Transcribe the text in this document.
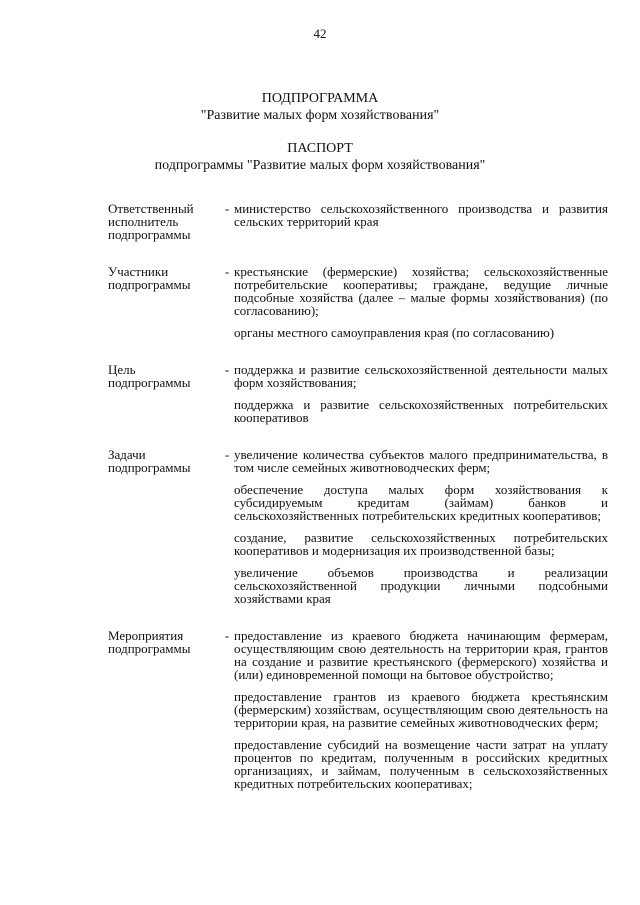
42
ПОДПРОГРАММА
"Развитие малых форм хозяйствования"
ПАСПОРТ
подпрограммы "Развитие малых форм хозяйствования"
Ответственный исполнитель подпрограммы
- министерство сельскохозяйственного производства и развития сельских территорий края

Участники подпрограммы
- крестьянские (фермерские) хозяйства; сельскохозяйственные потребительские кооперативы; граждане, ведущие личные подсобные хозяйства (далее – малые формы хозяйствования) (по согласованию);

органы местного самоуправления края (по согласованию)

Цель подпрограммы
- поддержка и развитие сельскохозяйственной деятельности малых форм хозяйствования;

поддержка и развитие сельскохозяйственных потребительских кооперативов

Задачи подпрограммы
- увеличение количества субъектов малого предпринимательства, в том числе семейных животноводческих ферм;

обеспечение доступа малых форм хозяйствования к субсидируемым кредитам (займам) банков и сельскохозяйственных потребительских кредитных кооперативов;

создание, развитие сельскохозяйственных потребительских кооперативов и модернизация их производственной базы;

увеличение объемов производства и реализации сельскохозяйственной продукции личными подсобными хозяйствами края

Мероприятия подпрограммы
- предоставление из краевого бюджета начинающим фермерам, осуществляющим свою деятельность на территории края, грантов на создание и развитие крестьянского (фермерского) хозяйства и (или) единовременной помощи на бытовое обустройство;

предоставление грантов из краевого бюджета крестьянским (фермерским) хозяйствам, осуществляющим свою деятельность на территории края, на развитие семейных животноводческих ферм;

предоставление субсидий на возмещение части затрат на уплату процентов по кредитам, полученным в российских кредитных организациях, и займам, полученным в сельскохозяйственных кредитных потребительских кооперативах;
